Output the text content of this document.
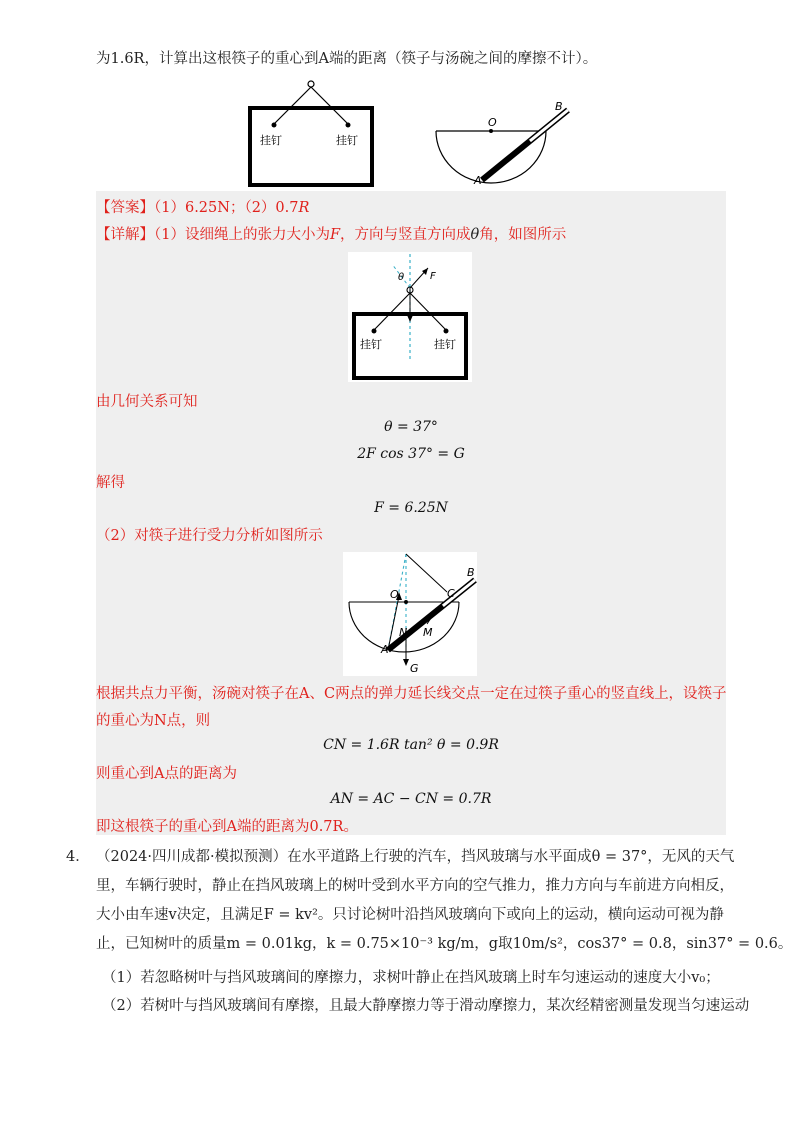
为1.6R，计算出这根筷子的重心到A端的距离（筷子与汤碗之间的摩擦不计）。
挂钉	挂钉
O
B
A
【答案】（1）6.25N；（2）0.7R
【详解】（1）设细绳上的张力大小为F，方向与竖直方向成θ角，如图所示
θ	F
挂钉	挂钉
由几何关系可知
θ = 37°
2F cos 37° = G
解得
F = 6.25N
（2）对筷子进行受力分析如图所示
O
B
C
N M
A
G
根据共点力平衡，汤碗对筷子在A、C两点的弹力延长线交点一定在过筷子重心的竖直线上，设筷子
的重心为N点，则
CN = 1.6R tan² θ = 0.9R
则重心到A点的距离为
AN = AC − CN = 0.7R
即这根筷子的重心到A端的距离为0.7R。
4． （2024·四川成都·模拟预测）在水平道路上行驶的汽车，挡风玻璃与水平面成θ = 37°，无风的天气
里，车辆行驶时，静止在挡风玻璃上的树叶受到水平方向的空气推力，推力方向与车前进方向相反，
大小由车速v决定，且满足F = kv²。只讨论树叶沿挡风玻璃向下或向上的运动，横向运动可视为静
止，已知树叶的质量m = 0.01kg，k = 0.75×10⁻³ kg/m，g取10m/s²，cos37° = 0.8，sin37° = 0.6。
（1）若忽略树叶与挡风玻璃间的摩擦力，求树叶静止在挡风玻璃上时车匀速运动的速度大小v₀；
（2）若树叶与挡风玻璃间有摩擦，且最大静摩擦力等于滑动摩擦力，某次经精密测量发现当匀速运动
